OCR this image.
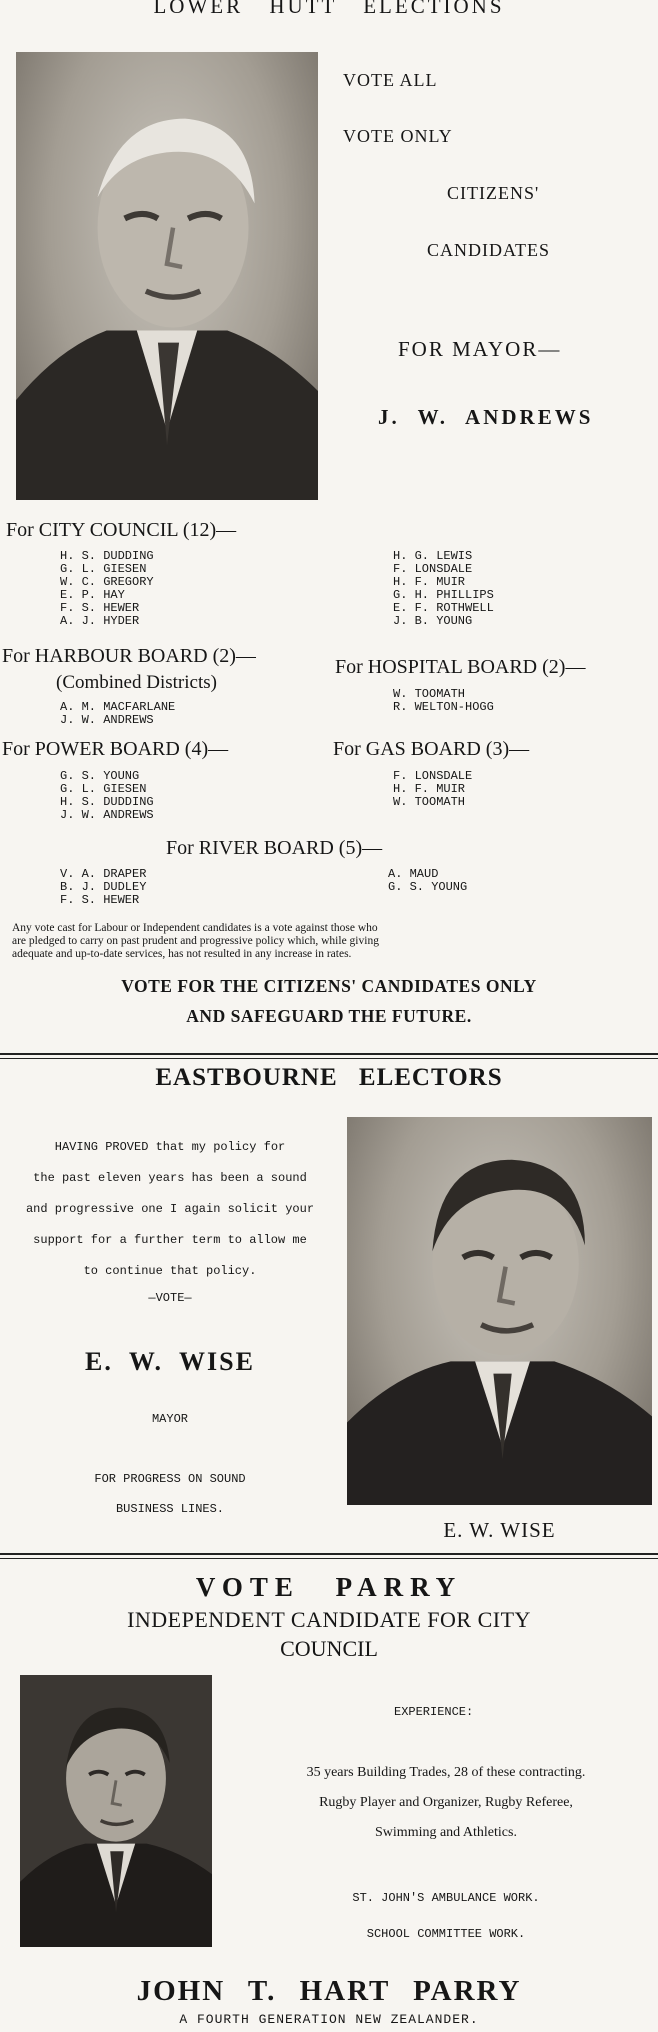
LOWER HUTT ELECTIONS
VOTE ALL
VOTE ONLY
CITIZENS'
CANDIDATES
FOR MAYOR—
J. W. ANDREWS
For CITY COUNCIL (12)—
H. S. DUDDING
G. L. GIESEN
W. C. GREGORY
E. P. HAY
F. S. HEWER
A. J. HYDER
H. G. LEWIS
F. LONSDALE
H. F. MUIR
G. H. PHILLIPS
E. F. ROTHWELL
J. B. YOUNG
For HARBOUR BOARD (2)—
(Combined Districts)
A. M. MACFARLANE
J. W. ANDREWS
For HOSPITAL BOARD (2)—
W. TOOMATH
R. WELTON-HOGG
For POWER BOARD (4)—
G. S. YOUNG
G. L. GIESEN
H. S. DUDDING
J. W. ANDREWS
For GAS BOARD (3)—
F. LONSDALE
H. F. MUIR
W. TOOMATH
For RIVER BOARD (5)—
V. A. DRAPER
B. J. DUDLEY
F. S. HEWER
A. MAUD
G. S. YOUNG
Any vote cast for Labour or Independent candidates is a vote against those who
are pledged to carry on past prudent and progressive policy which, while giving
adequate and up-to-date services, has not resulted in any increase in rates.
VOTE FOR THE CITIZENS' CANDIDATES ONLY
AND SAFEGUARD THE FUTURE.
EASTBOURNE ELECTORS
HAVING PROVED that my policy for
the past eleven years has been a sound
and progressive one I again solicit your
support for a further term to allow me
to continue that policy.
—VOTE—
E. W. WISE
MAYOR
FOR PROGRESS ON SOUND
BUSINESS LINES.
E. W. WISE
VOTE PARRY
INDEPENDENT CANDIDATE FOR CITY
COUNCIL
EXPERIENCE:
35 years Building Trades, 28 of these contracting.
Rugby Player and Organizer, Rugby Referee,
Swimming and Athletics.
ST. JOHN'S AMBULANCE WORK.
SCHOOL COMMITTEE WORK.
JOHN T. HART PARRY
A FOURTH GENERATION NEW ZEALANDER.
